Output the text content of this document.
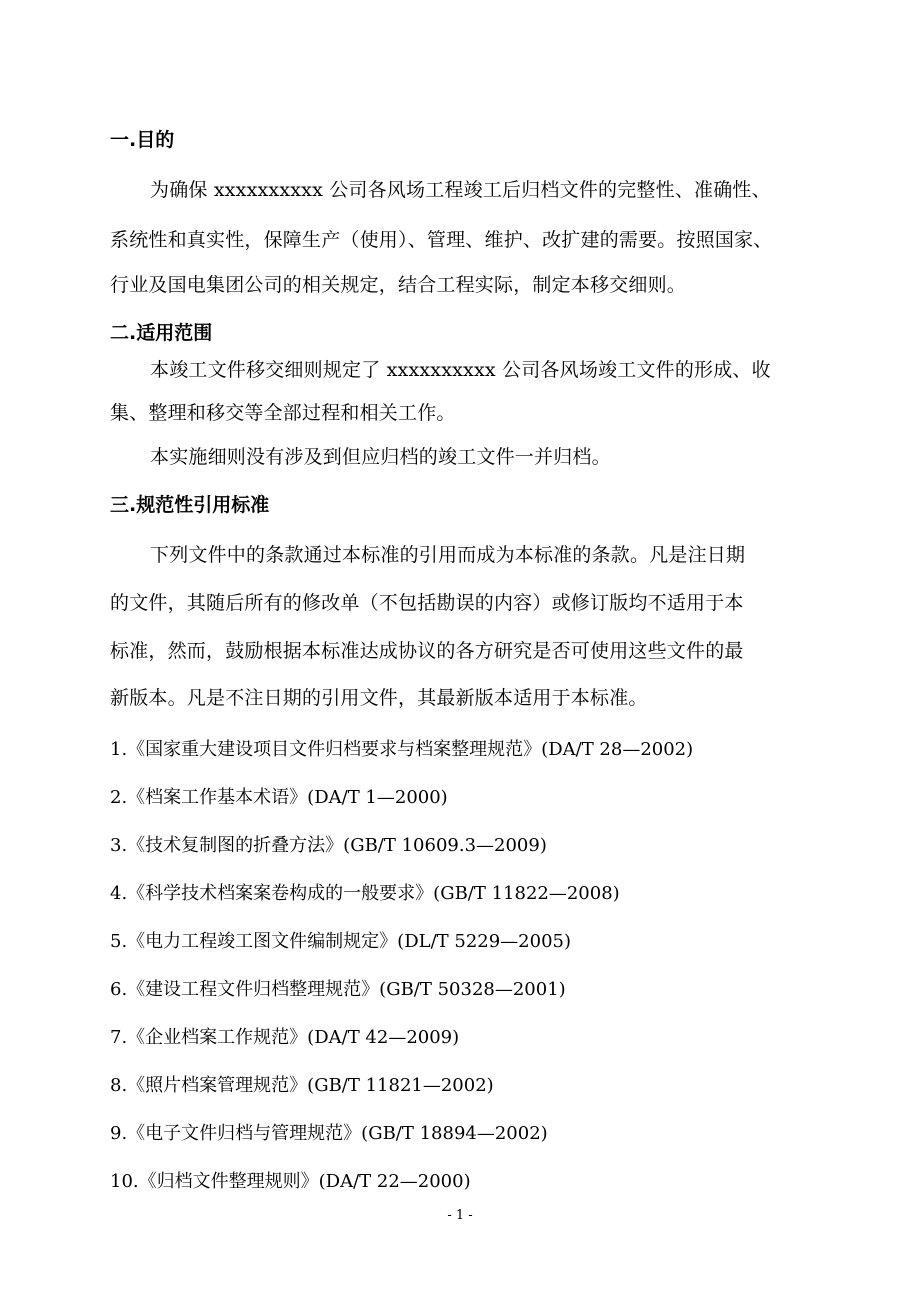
一.目的
为确保 xxxxxxxxxx 公司各风场工程竣工后归档文件的完整性、准确性、
系统性和真实性，保障生产（使用）、管理、维护、改扩建的需要。按照国家、
行业及国电集团公司的相关规定，结合工程实际，制定本移交细则。
二.适用范围
本竣工文件移交细则规定了 xxxxxxxxxx 公司各风场竣工文件的形成、收
集、整理和移交等全部过程和相关工作。
本实施细则没有涉及到但应归档的竣工文件一并归档。
三.规范性引用标准
下列文件中的条款通过本标准的引用而成为本标准的条款。凡是注日期
的文件，其随后所有的修改单（不包括勘误的内容）或修订版均不适用于本
标准，然而，鼓励根据本标准达成协议的各方研究是否可使用这些文件的最
新版本。凡是不注日期的引用文件，其最新版本适用于本标准。
1.《国家重大建设项目文件归档要求与档案整理规范》(DA/T 28—2002)
2.《档案工作基本术语》(DA/T 1—2000)
3.《技术复制图的折叠方法》(GB/T 10609.3—2009)
4.《科学技术档案案卷构成的一般要求》(GB/T 11822—2008)
5.《电力工程竣工图文件编制规定》(DL/T 5229—2005)
6.《建设工程文件归档整理规范》(GB/T 50328—2001)
7.《企业档案工作规范》(DA/T 42—2009)
8.《照片档案管理规范》(GB/T 11821—2002)
9.《电子文件归档与管理规范》(GB/T 18894—2002)
10.《归档文件整理规则》(DA/T 22—2000)
- 1 -
